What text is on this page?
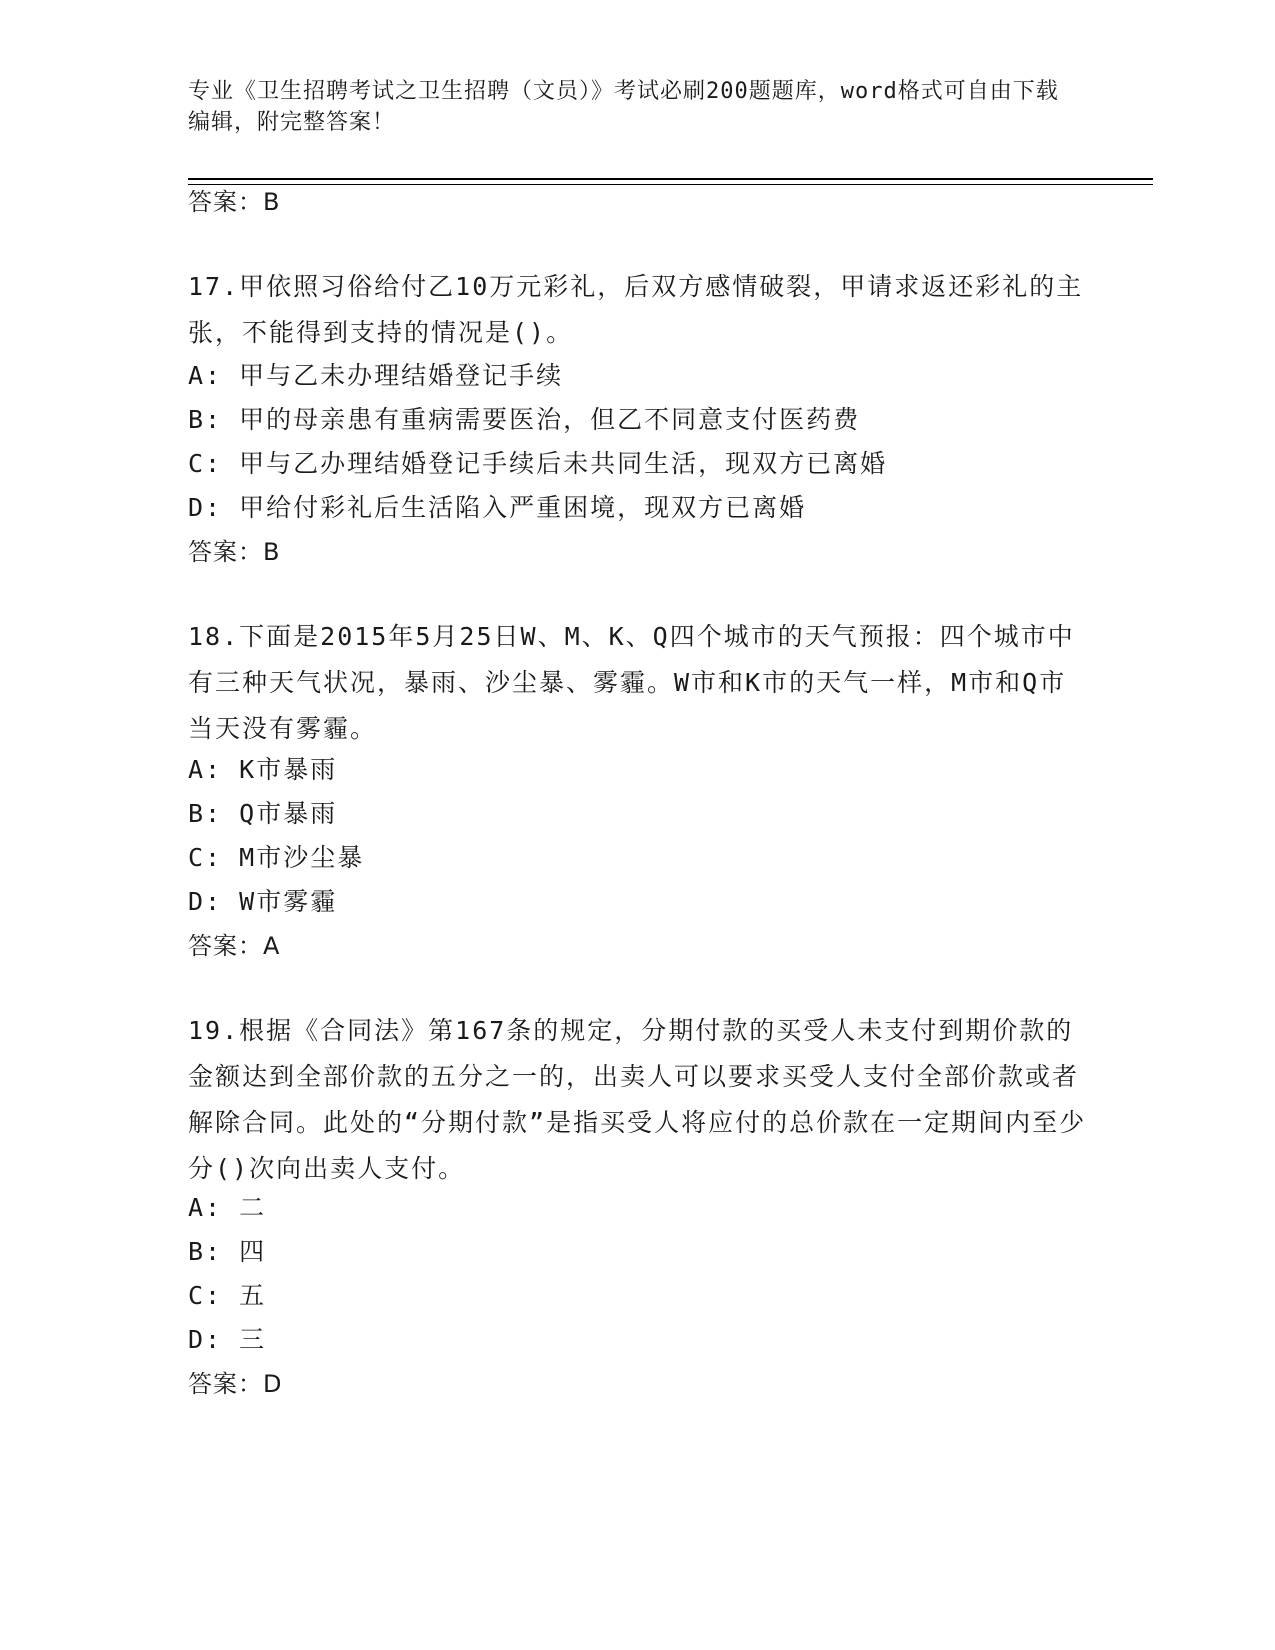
专业《卫生招聘考试之卫生招聘（文员）》考试必刷200题题库，word格式可自由下载编辑，附完整答案！
答案：B
17.甲依照习俗给付乙10万元彩礼，后双方感情破裂，甲请求返还彩礼的主张，不能得到支持的情况是()。
A: 甲与乙未办理结婚登记手续
B: 甲的母亲患有重病需要医治，但乙不同意支付医药费
C: 甲与乙办理结婚登记手续后未共同生活，现双方已离婚
D: 甲给付彩礼后生活陷入严重困境，现双方已离婚
答案：B
18.下面是2015年5月25日W、M、K、Q四个城市的天气预报：四个城市中有三种天气状况，暴雨、沙尘暴、雾霾。W市和K市的天气一样，M市和Q市当天没有雾霾。
A: K市暴雨
B: Q市暴雨
C: M市沙尘暴
D: W市雾霾
答案：A
19.根据《合同法》第167条的规定，分期付款的买受人未支付到期价款的金额达到全部价款的五分之一的，出卖人可以要求买受人支付全部价款或者解除合同。此处的“分期付款”是指买受人将应付的总价款在一定期间内至少分()次向出卖人支付。
A: 二
B: 四
C: 五
D: 三
答案：D
